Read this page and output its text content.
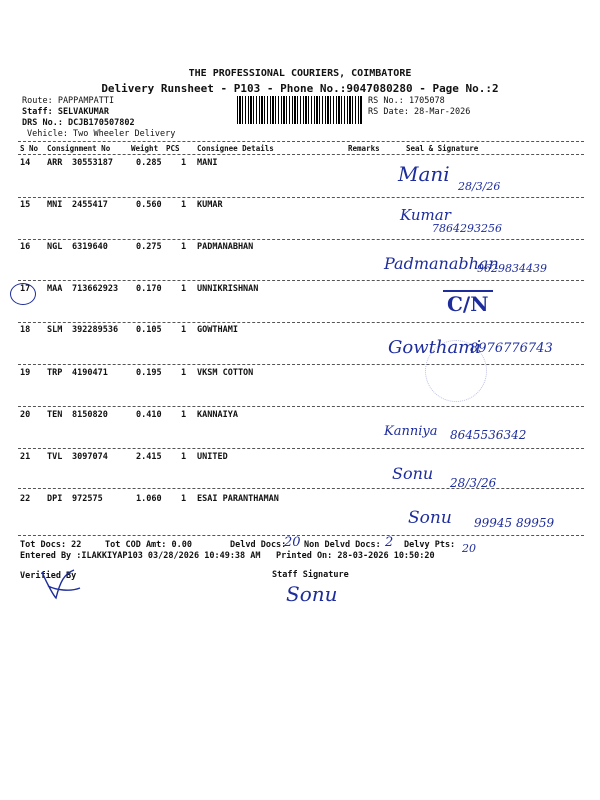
THE PROFESSIONAL COURIERS, COIMBATORE
Delivery Runsheet - P103 - Phone No.:9047080280 - Page No.:2
Route: PAPPAMPATTI
Staff: SELVAKUMAR
DRS No.: DCJB170507802
Vehicle: Two Wheeler Delivery
RS No.: 1705078
RS Date: 28-Mar-2026
S No Consignment No	Weight PCS Consignee Details	Remarks	Seal & Signature
14 ARR 30553187	0.285 1 MANI	Mani
28/3/26
15 MNI 2455417	0.560 1 KUMAR
Kumar
7864293256
16 NGL 6319640	0.275 1 PADMANABHAN
Padmanabhan
9629834439
17 MAA 713662923 0.170 1 UNNIKRISHNAN
C/N
18 SLM 392289536 0.105 1 GOWTHAMI
Gowthami
8976776743
19 TRP 4190471	0.195 1 VKSM COTTON
20 TEN 8150820	0.410 1 KANNAIYA
Kanniya 8645536342
21 TVL 3097074	2.415 1 UNITED
Sonu 28/3/26
22 DPI 972575	1.060 1 ESAI PARANTHAMAN
Sonu 99945 89959
Tot Docs: 22	Tot COD Amt: 0.00	Delvd Docs:
20 Non Delvd Docs: 2 Delvy Pts: 20
Entered By :ILAKKIYAP103 03/28/2026 10:49:38 AM Printed On: 28-03-2026 10:50:20
Verified By	Staff Signature
Sonu
